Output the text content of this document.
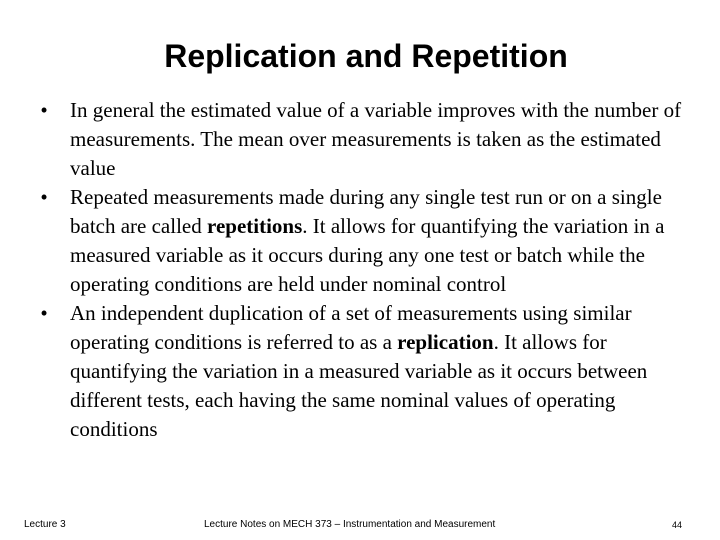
Replication and Repetition
•	In general the estimated value of a variable improves with the number of measurements. The mean over measurements is taken as the estimated value
•	Repeated measurements made during any single test run or on a single batch are called repetitions. It allows for quantifying the variation in a measured variable as it occurs during any one test or batch while the operating conditions are held under nominal control
•	An independent duplication of a set of measurements using similar operating conditions is referred to as a replication. It allows for quantifying the variation in a measured variable as it occurs between different tests, each having the same nominal values of operating conditions
Lecture 3	Lecture Notes on MECH 373 – Instrumentation and Measurement	44
